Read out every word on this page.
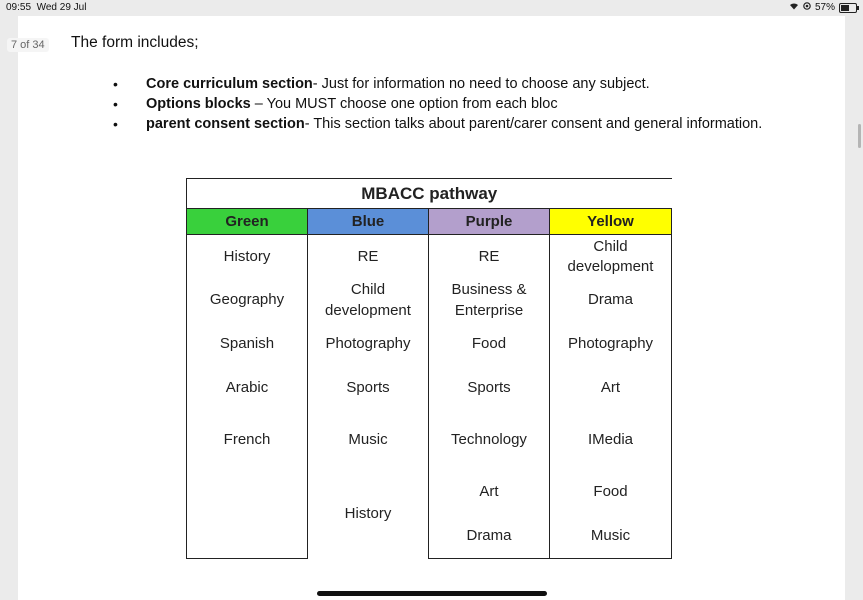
09:55 Wed 29 Jul	57%
The form includes;
• Core curriculum section- Just for information no need to choose any subject.
• Options blocks – You MUST choose one option from each bloc
• parent consent section- This section talks about parent/carer consent and general information.
7 of 34
MBACC pathway			
Green	Blue	Purple	Yellow
History	RE	RE	Child development
Geography	Child development	Business & Enterprise	Drama
Spanish	Photography	Food	Photography
Arabic	Sports	Sports	Art
French	Music	Technology	IMedia
	History	Art	Food
		Drama	Music
